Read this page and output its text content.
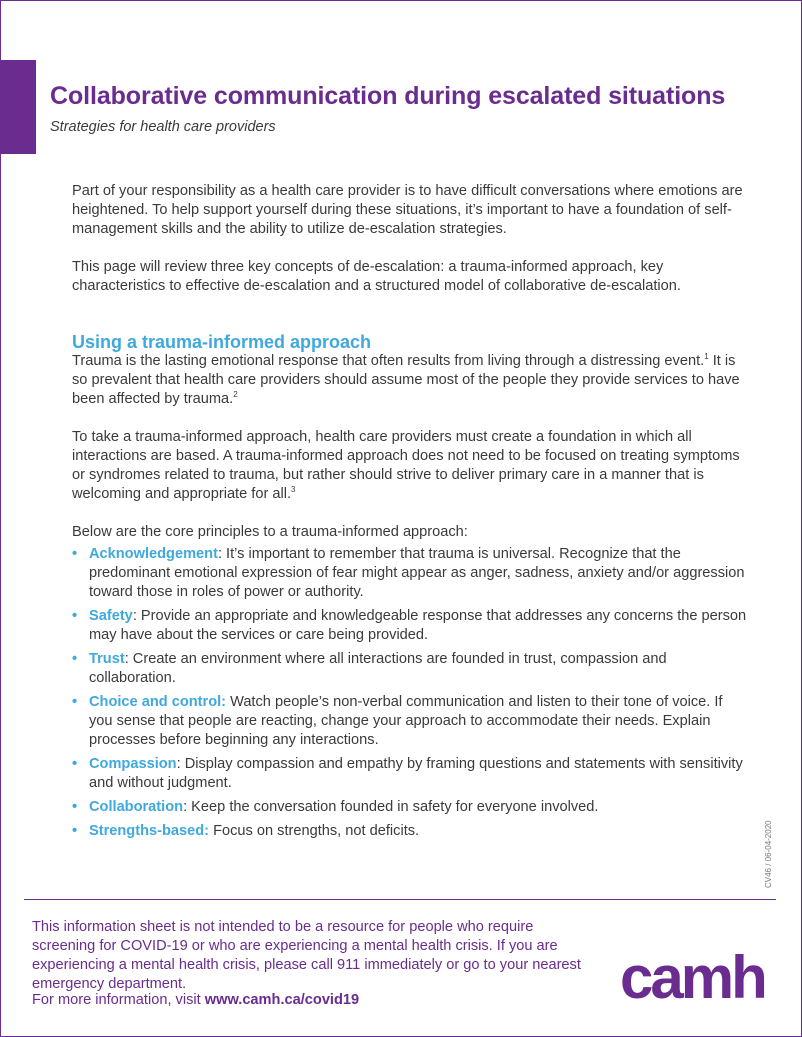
Collaborative communication during escalated situations
Strategies for health care providers

Part of your responsibility as a health care provider is to have difficult conversations where emotions are heightened. To help support yourself during these situations, it’s important to have a foundation of self-management skills and the ability to utilize de-escalation strategies.

This page will review three key concepts of de-escalation: a trauma-informed approach, key characteristics to effective de-escalation and a structured model of collaborative de-escalation.

Using a trauma-informed approach

Trauma is the lasting emotional response that often results from living through a distressing event.$^1$ It is so prevalent that health care providers should assume most of the people they provide services to have been affected by trauma.$^2$

To take a trauma-informed approach, health care providers must create a foundation in which all interactions are based. A trauma-informed approach does not need to be focused on treating symptoms or syndromes related to trauma, but rather should strive to deliver primary care in a manner that is welcoming and appropriate for all.$^3$

Below are the core principles to a trauma-informed approach:

• Acknowledgement: It’s important to remember that trauma is universal. Recognize that the predominant emotional expression of fear might appear as anger, sadness, anxiety and/or aggression toward those in roles of power or authority.
• Safety: Provide an appropriate and knowledgeable response that addresses any concerns the person may have about the services or care being provided.
• Trust: Create an environment where all interactions are founded in trust, compassion and collaboration.
• Choice and control: Watch people’s non-verbal communication and listen to their tone of voice. If you sense that people are reacting, change your approach to accommodate their needs. Explain processes before beginning any interactions.
• Compassion: Display compassion and empathy by framing questions and statements with sensitivity and without judgment.
• Collaboration: Keep the conversation founded in safety for everyone involved.
• Strengths-based: Focus on strengths, not deficits.	CV46 / 06-04-2020
This information sheet is not intended to be a resource for people who require screening for COVID-19 or who are experiencing a mental health crisis. If you are experiencing a mental health crisis, please call 911 immediately or go to your nearest emergency department.
For more information, visit www.camh.ca/covid19	camh
